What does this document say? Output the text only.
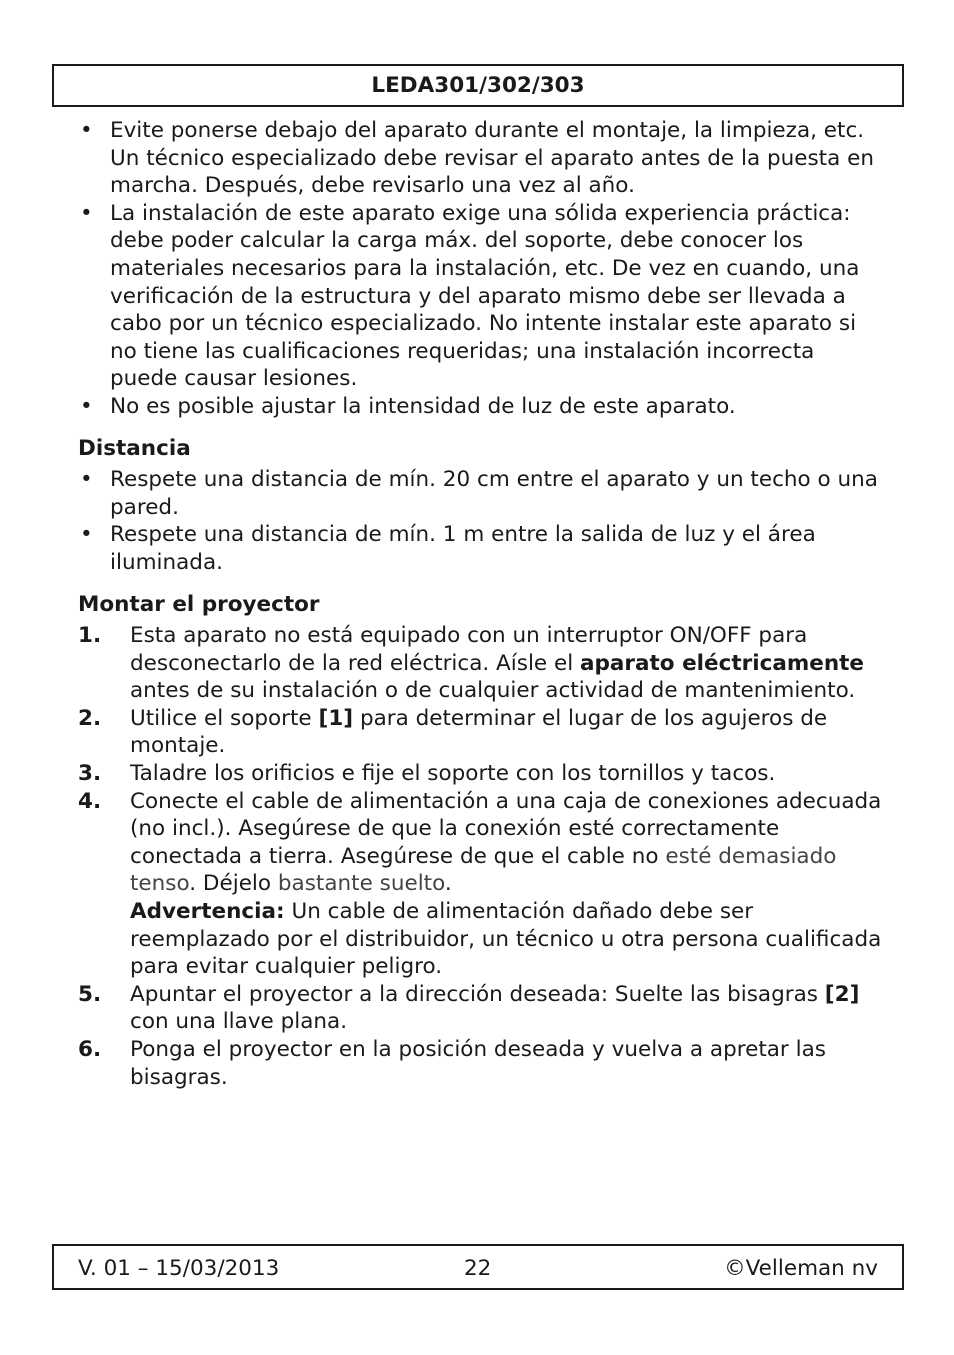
LEDA301/302/303
• Evite ponerse debajo del aparato durante el montaje, la limpieza, etc. Un técnico especializado debe revisar el aparato antes de la puesta en marcha. Después, debe revisarlo una vez al año.
• La instalación de este aparato exige una sólida experiencia práctica: debe poder calcular la carga máx. del soporte, debe conocer los materiales necesarios para la instalación, etc. De vez en cuando, una verificación de la estructura y del aparato mismo debe ser llevada a cabo por un técnico especializado. No intente instalar este aparato si no tiene las cualificaciones requeridas; una instalación incorrecta puede causar lesiones.
• No es posible ajustar la intensidad de luz de este aparato.
Distancia
• Respete una distancia de mín. 20 cm entre el aparato y un techo o una pared.
• Respete una distancia de mín. 1 m entre la salida de luz y el área iluminada.
Montar el proyector
1. Esta aparato no está equipado con un interruptor ON/OFF para desconectarlo de la red eléctrica. Aísle el aparato eléctricamente antes de su instalación o de cualquier actividad de mantenimiento.
2. Utilice el soporte [1] para determinar el lugar de los agujeros de montaje.
3. Taladre los orificios e fije el soporte con los tornillos y tacos.
4. Conecte el cable de alimentación a una caja de conexiones adecuada (no incl.). Asegúrese de que la conexión esté correctamente conectada a tierra. Asegúrese de que el cable no esté demasiado tenso. Déjelo bastante suelto.
Advertencia: Un cable de alimentación dañado debe ser reemplazado por el distribuidor, un técnico u otra persona cualificada para evitar cualquier peligro.
5. Apuntar el proyector a la dirección deseada: Suelte las bisagras [2] con una llave plana.
6. Ponga el proyector en la posición deseada y vuelva a apretar las bisagras.
V. 01 – 15/03/2013	22	©Velleman nv
